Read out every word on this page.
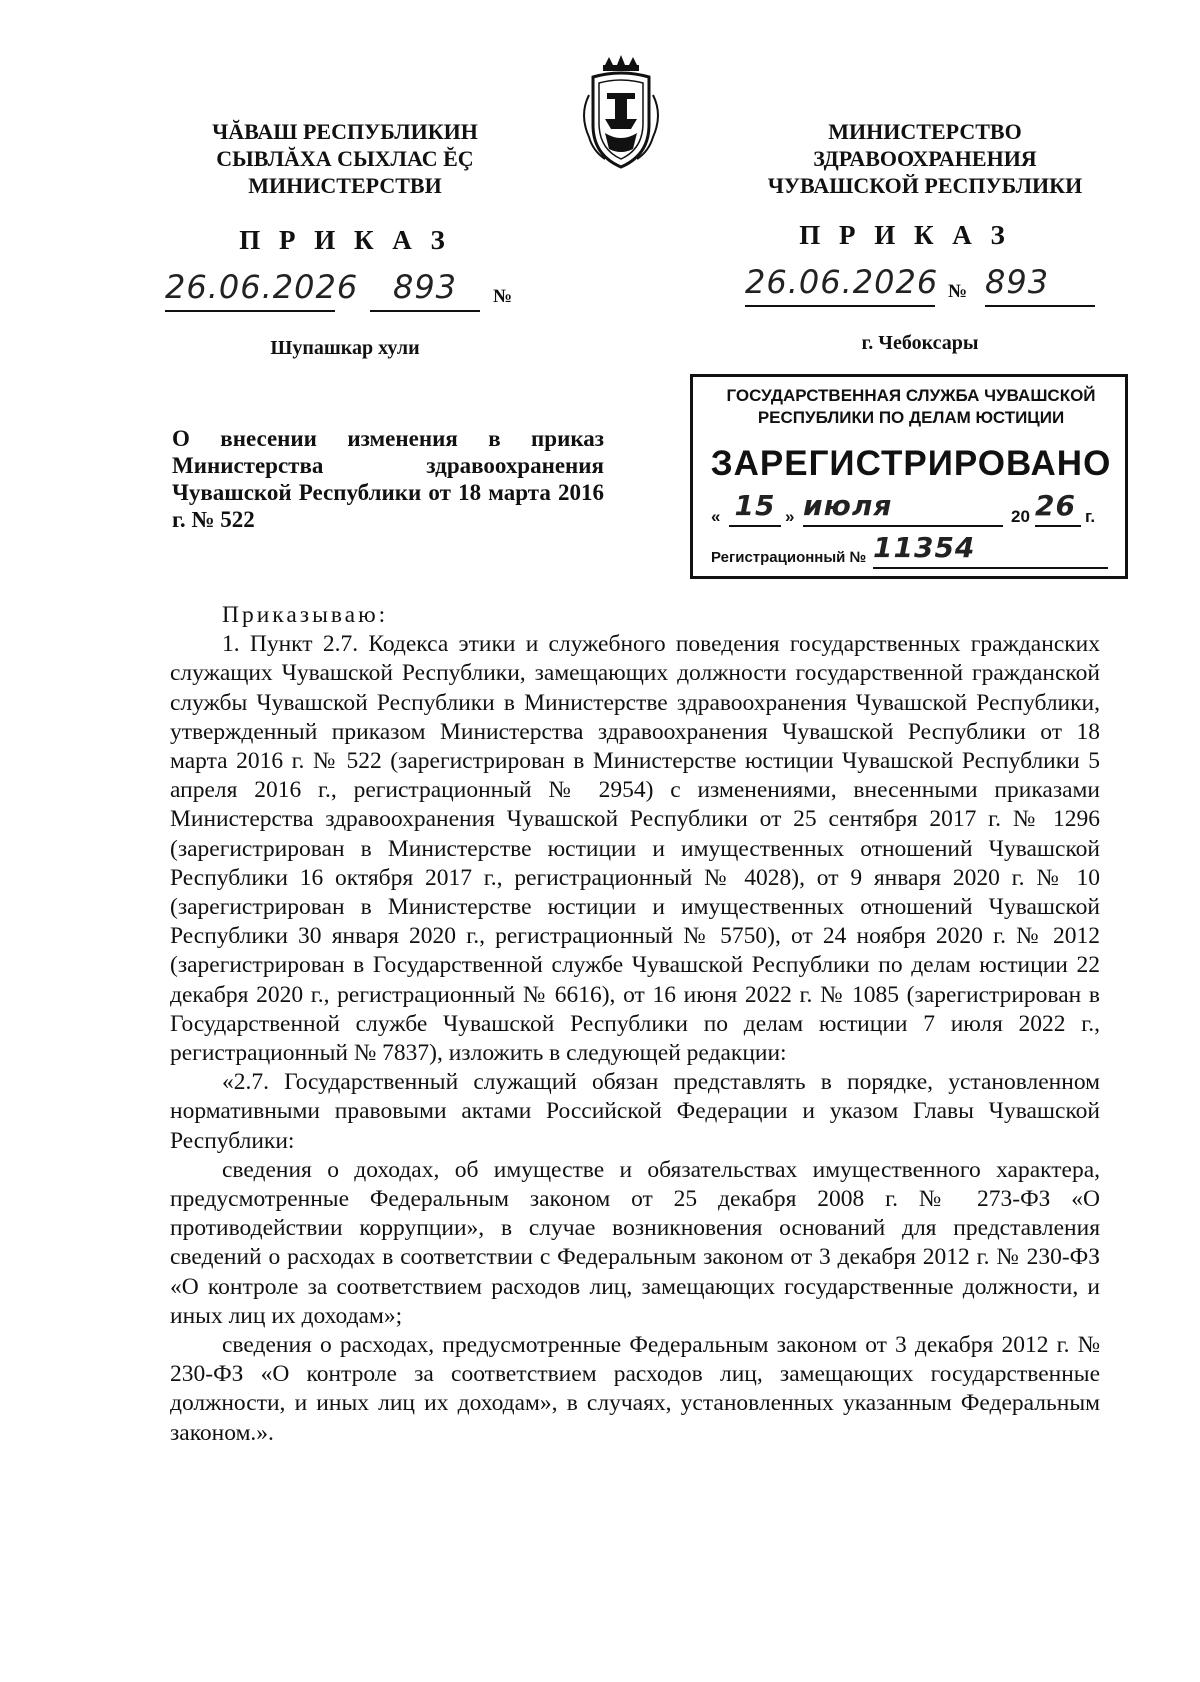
ЧĂВАШ РЕСПУБЛИКИН
СЫВЛĂХА СЫХЛАС ĔÇ
МИНИСТЕРСТВИ
МИНИСТЕРСТВО
ЗДРАВООХРАНЕНИЯ
ЧУВАШСКОЙ РЕСПУБЛИКИ
П Р И К А З	П Р И К А З
26.06.2026	893	№	26.06.2026 № 893
Шупашкар хули	г. Чебоксары
ГОСУДАРСТВЕННАЯ СЛУЖБА ЧУВАШСКОЙ
РЕСПУБЛИКИ ПО ДЕЛАМ ЮСТИЦИИ
ЗАРЕГИСТРИРОВАНО
« 15 » июля	20 26 г.
Регистрационный № 11354
О внесении изменения в приказ Министерства здравоохранения Чувашской Республики от 18 марта 2016 г. № 522

Приказываю:

1. Пункт 2.7. Кодекса этики и служебного поведения государственных гражданских служащих Чувашской Республики, замещающих должности государственной гражданской службы Чувашской Республики в Министерстве здравоохранения Чувашской Республики, утвержденный приказом Министерства здравоохранения Чувашской Республики от 18 марта 2016 г. № 522 (зарегистрирован в Министерстве юстиции Чувашской Республики 5 апреля 2016 г., регистрационный № 2954) с изменениями, внесенными приказами Министерства здравоохранения Чувашской Республики от 25 сентября 2017 г. № 1296 (зарегистрирован в Министерстве юстиции и имущественных отношений Чувашской Республики 16 октября 2017 г., регистрационный № 4028), от 9 января 2020 г. № 10 (зарегистрирован в Министерстве юстиции и имущественных отношений Чувашской Республики 30 января 2020 г., регистрационный № 5750), от 24 ноября 2020 г. № 2012 (зарегистрирован в Государственной службе Чувашской Республики по делам юстиции 22 декабря 2020 г., регистрационный № 6616), от 16 июня 2022 г. № 1085 (зарегистрирован в Государственной службе Чувашской Республики по делам юстиции 7 июля 2022 г., регистрационный № 7837), изложить в следующей редакции:

«2.7. Государственный служащий обязан представлять в порядке, установленном нормативными правовыми актами Российской Федерации и указом Главы Чувашской Республики:

сведения о доходах, об имуществе и обязательствах имущественного характера, предусмотренные Федеральным законом от 25 декабря 2008 г. № 273-ФЗ «О противодействии коррупции», в случае возникновения оснований для представления сведений о расходах в соответствии с Федеральным законом от 3 декабря 2012 г. № 230-ФЗ «О контроле за соответствием расходов лиц, замещающих государственные должности, и иных лиц их доходам»;

сведения о расходах, предусмотренные Федеральным законом от 3 декабря 2012 г. № 230-ФЗ «О контроле за соответствием расходов лиц, замещающих государственные должности, и иных лиц их доходам», в случаях, установленных указанным Федеральным законом.».
